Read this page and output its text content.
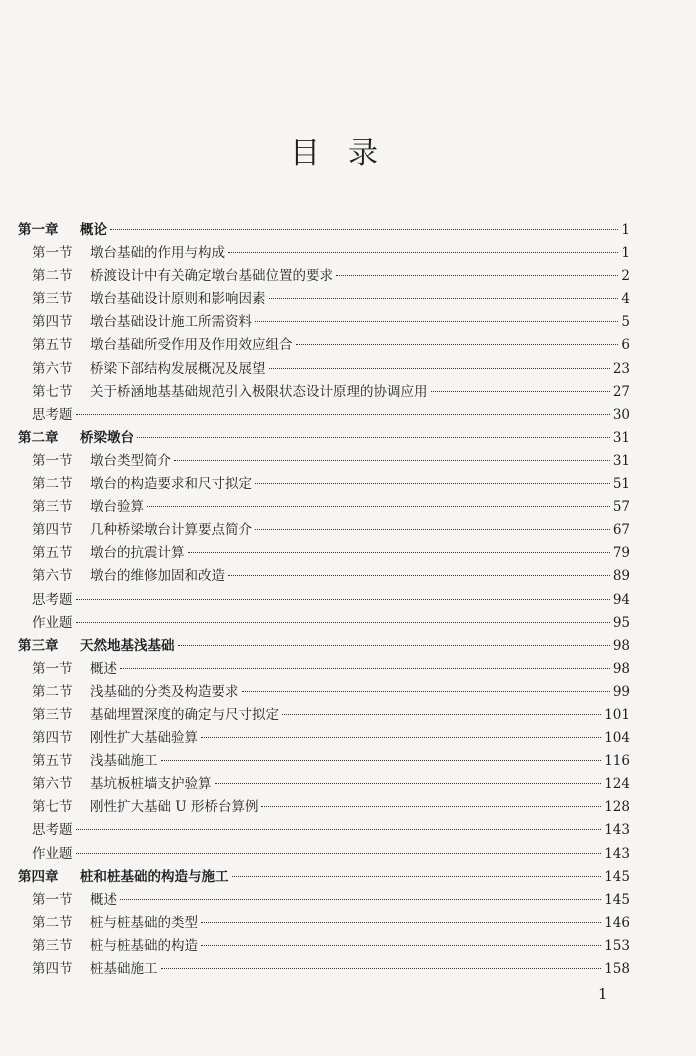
目录
第一章	概论	1
第一节	墩台基础的作用与构成	1
第二节	桥渡设计中有关确定墩台基础位置的要求	2
第三节	墩台基础设计原则和影响因素	4
第四节	墩台基础设计施工所需资料	5
第五节	墩台基础所受作用及作用效应组合	6
第六节	桥梁下部结构发展概况及展望	23
第七节	关于桥涵地基基础规范引入极限状态设计原理的协调应用	27
思考题	30
第二章	桥梁墩台	31
第一节	墩台类型简介	31
第二节	墩台的构造要求和尺寸拟定	51
第三节	墩台验算	57
第四节	几种桥梁墩台计算要点简介	67
第五节	墩台的抗震计算	79
第六节	墩台的维修加固和改造	89
思考题	94
作业题	95
第三章	天然地基浅基础	98
第一节	概述	98
第二节	浅基础的分类及构造要求	99
第三节	基础埋置深度的确定与尺寸拟定	101
第四节	刚性扩大基础验算	104
第五节	浅基础施工	116
第六节	基坑板桩墙支护验算	124
第七节	刚性扩大基础 U 形桥台算例	128
思考题	143
作业题	143
第四章	桩和桩基础的构造与施工	145
第一节	概述	145
第二节	桩与桩基础的类型	146
第三节	桩与桩基础的构造	153
第四节	桩基础施工	158
1
